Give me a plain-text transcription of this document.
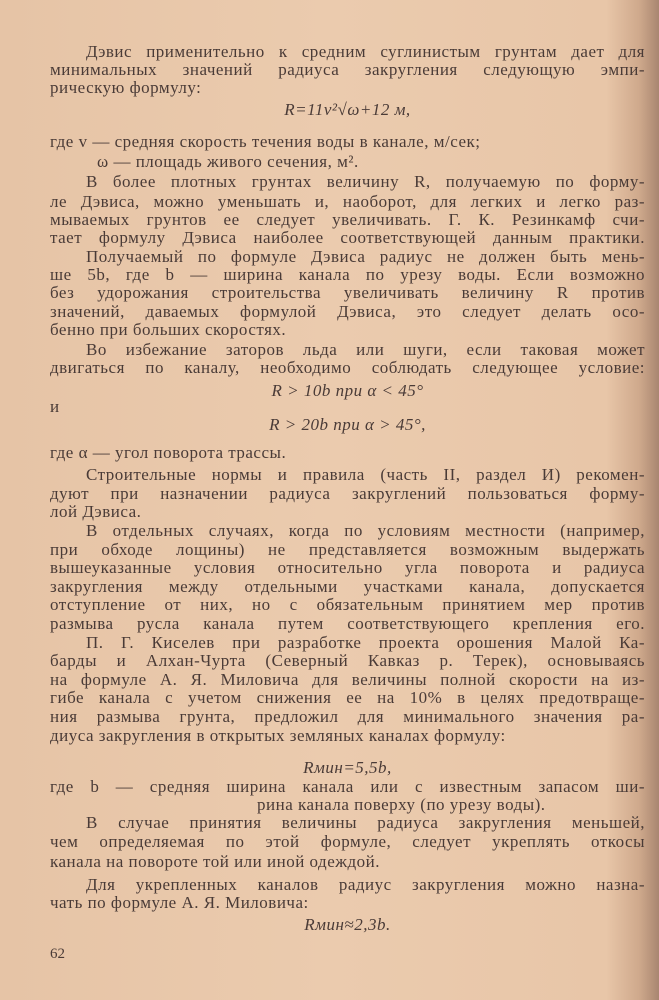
Дэвис применительно к средним суглинистым грунтам дает для
минимальных значений радиуса закругления следующую эмпи-
рическую формулу:
R=11v²√ω+12 м,
где v — средняя скорость течения воды в канале, м/сек;
ω — площадь живого сечения, м².
В более плотных грунтах величину R, получаемую по форму-
ле Дэвиса, можно уменьшать и, наоборот, для легких и легко раз-
мываемых грунтов ее следует увеличивать. Г. К. Резинкамф счи-
тает формулу Дэвиса наиболее соответствующей данным практики.
Получаемый по формуле Дэвиса радиус не должен быть мень-
ше 5b, где b — ширина канала по урезу воды. Если возможно
без удорожания строительства увеличивать величину R против
значений, даваемых формулой Дэвиса, это следует делать осо-
бенно при больших скоростях.
Во избежание заторов льда или шуги, если таковая может
двигаться по каналу, необходимо соблюдать следующее условие:
R > 10b при α < 45°
и
R > 20b при α > 45°,
где α — угол поворота трассы.
Строительные нормы и правила (часть II, раздел И) рекомен-
дуют при назначении радиуса закруглений пользоваться форму-
лой Дэвиса.
В отдельных случаях, когда по условиям местности (например,
при обходе лощины) не представляется возможным выдержать
вышеуказанные условия относительно угла поворота и радиуса
закругления между отдельными участками канала, допускается
отступление от них, но с обязательным принятием мер против
размыва русла канала путем соответствующего крепления его.
П. Г. Киселев при разработке проекта орошения Малой Ка-
барды и Алхан-Чурта (Северный Кавказ р. Терек), основываясь
на формуле А. Я. Миловича для величины полной скорости на из-
гибе канала с учетом снижения ее на 10% в целях предотвраще-
ния размыва грунта, предложил для минимального значения ра-
диуса закругления в открытых земляных каналах формулу:
Rмин=5,5b,
где b — средняя ширина канала или с известным запасом ши-
рина канала поверху (по урезу воды).
В случае принятия величины радиуса закругления меньшей,
чем определяемая по этой формуле, следует укреплять откосы
канала на повороте той или иной одеждой.
Для укрепленных каналов радиус закругления можно назна-
чать по формуле А. Я. Миловича:
Rмин≈2,3b.
62
